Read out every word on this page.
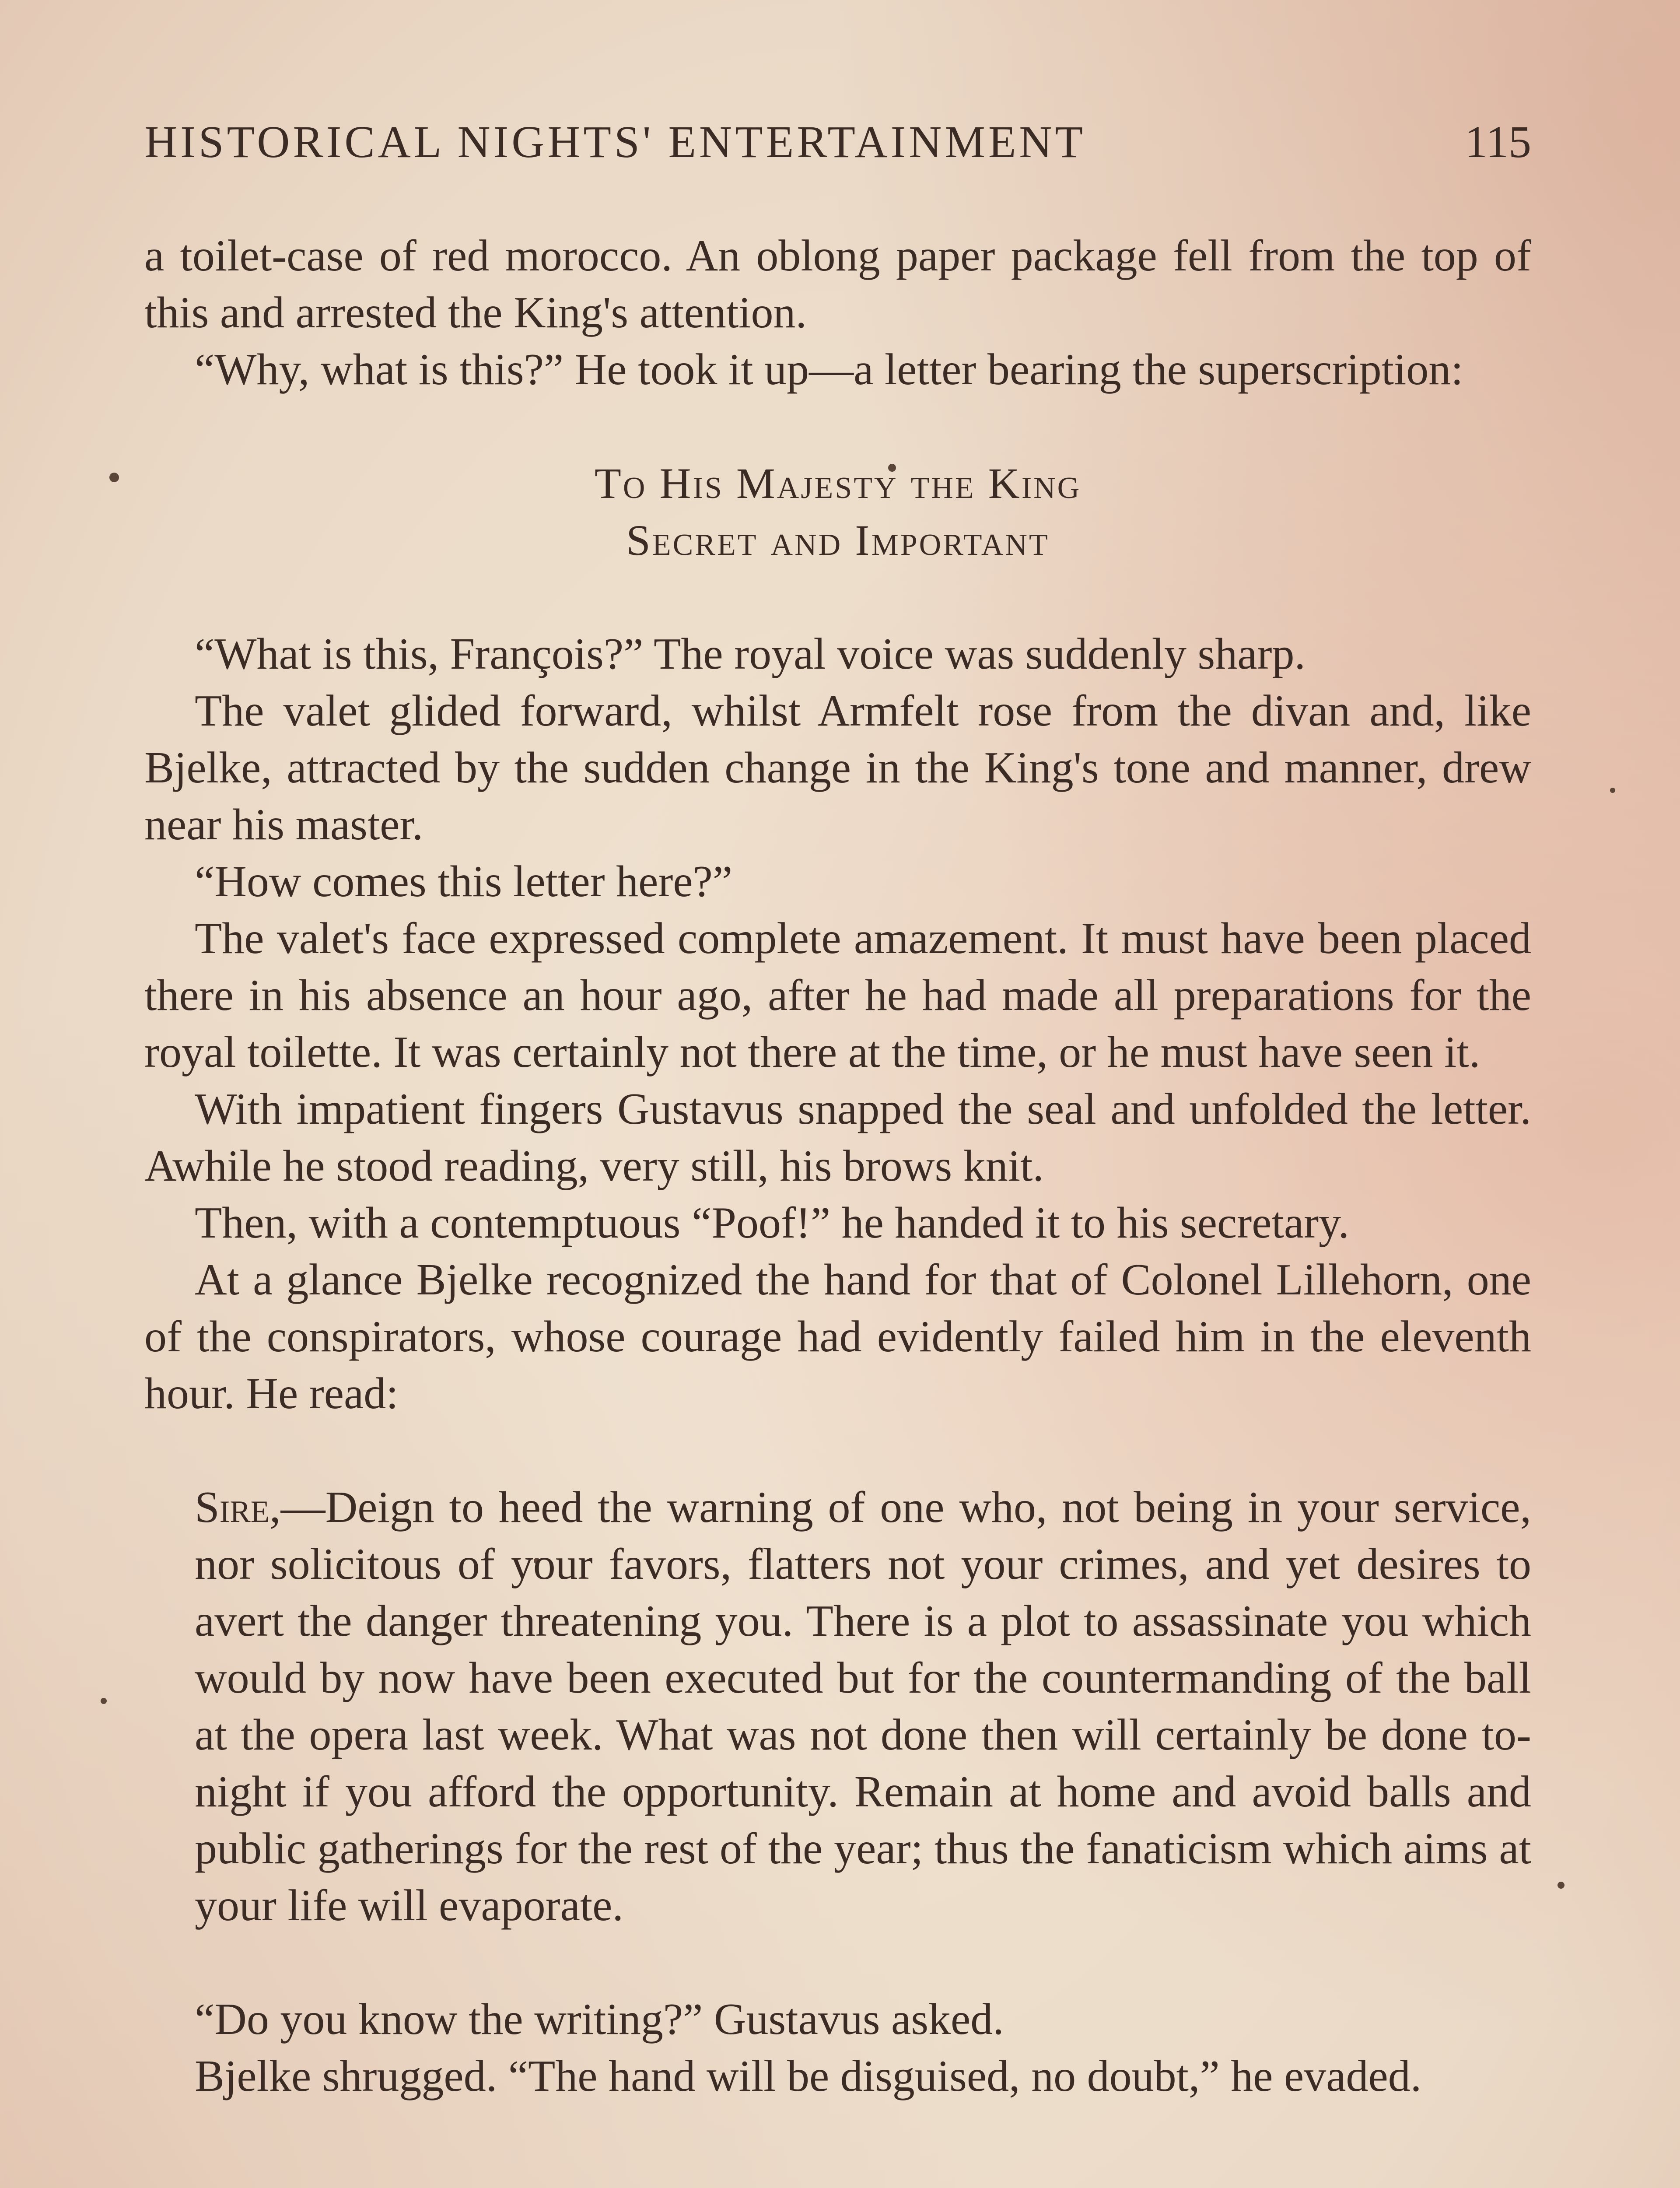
HISTORICAL NIGHTS' ENTERTAINMENT	115

a toilet-case of red morocco. An oblong paper package fell from the top of this and arrested the King's attention.

“Why, what is this?” He took it up—a letter bearing the superscription:

To His Majesty the King
Secret and Important

“What is this, François?” The royal voice was suddenly sharp.

The valet glided forward, whilst Armfelt rose from the divan and, like Bjelke, attracted by the sudden change in the King's tone and manner, drew near his master.

“How comes this letter here?”

The valet's face expressed complete amazement. It must have been placed there in his absence an hour ago, after he had made all preparations for the royal toilette. It was certainly not there at the time, or he must have seen it.

With impatient fingers Gustavus snapped the seal and unfolded the letter. Awhile he stood reading, very still, his brows knit.

Then, with a contemptuous “Poof!” he handed it to his secretary.

At a glance Bjelke recognized the hand for that of Colonel Lillehorn, one of the conspirators, whose courage had evidently failed him in the eleventh hour. He read:

Sire,—Deign to heed the warning of one who, not being in your service, nor solicitous of your favors, flatters not your crimes, and yet desires to avert the danger threatening you. There is a plot to assassinate you which would by now have been executed but for the countermanding of the ball at the opera last week. What was not done then will certainly be done to-night if you afford the opportunity. Remain at home and avoid balls and public gatherings for the rest of the year; thus the fanaticism which aims at your life will evaporate.

“Do you know the writing?” Gustavus asked.

Bjelke shrugged. “The hand will be disguised, no doubt,” he evaded.
